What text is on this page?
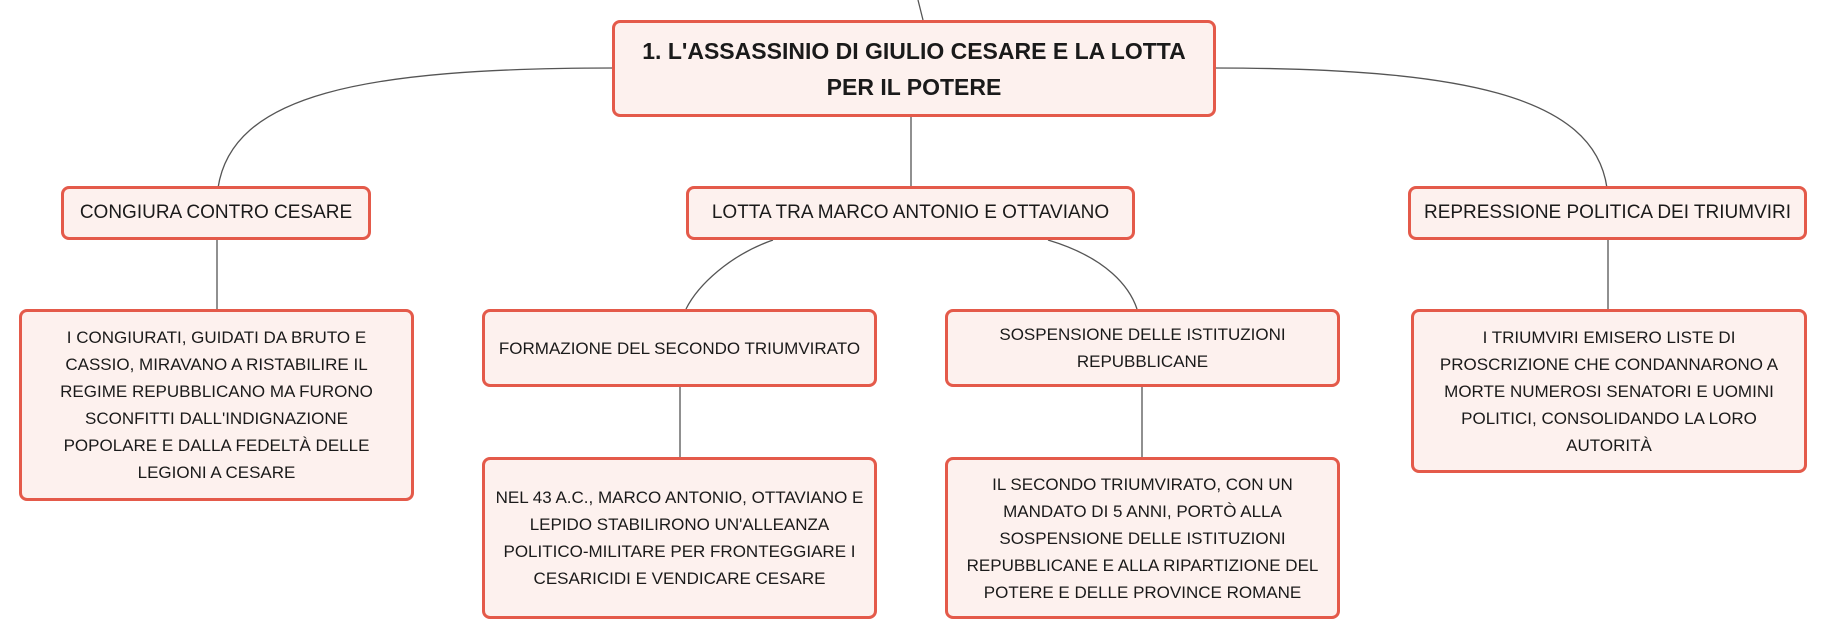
1. L'ASSASSINIO DI GIULIO CESARE E LA LOTTA PER IL POTERE
CONGIURA CONTRO CESARE	LOTTA TRA MARCO ANTONIO E OTTAVIANO	REPRESSIONE POLITICA DEI TRIUMVIRI
FORMAZIONE DEL SECONDO TRIUMVIRATO
SOSPENSIONE DELLE ISTITUZIONI REPUBBLICANE
I CONGIURATI, GUIDATI DA BRUTO E CASSIO, MIRAVANO A RISTABILIRE IL REGIME REPUBBLICANO MA FURONO SCONFITTI DALL'INDIGNAZIONE POPOLARE E DALLA FEDELTÀ DELLE LEGIONI A CESARE
NEL 43 A.C., MARCO ANTONIO, OTTAVIANO E LEPIDO STABILIRONO UN'ALLEANZA POLITICO-MILITARE PER FRONTEGGIARE I CESARICIDI E VENDICARE CESARE
IL SECONDO TRIUMVIRATO, CON UN MANDATO DI 5 ANNI, PORTÒ ALLA SOSPENSIONE DELLE ISTITUZIONI REPUBBLICANE E ALLA RIPARTIZIONE DEL POTERE E DELLE PROVINCE ROMANE
I TRIUMVIRI EMISERO LISTE DI PROSCRIZIONE CHE CONDANNARONO A MORTE NUMEROSI SENATORI E UOMINI POLITICI, CONSOLIDANDO LA LORO AUTORITÀ
